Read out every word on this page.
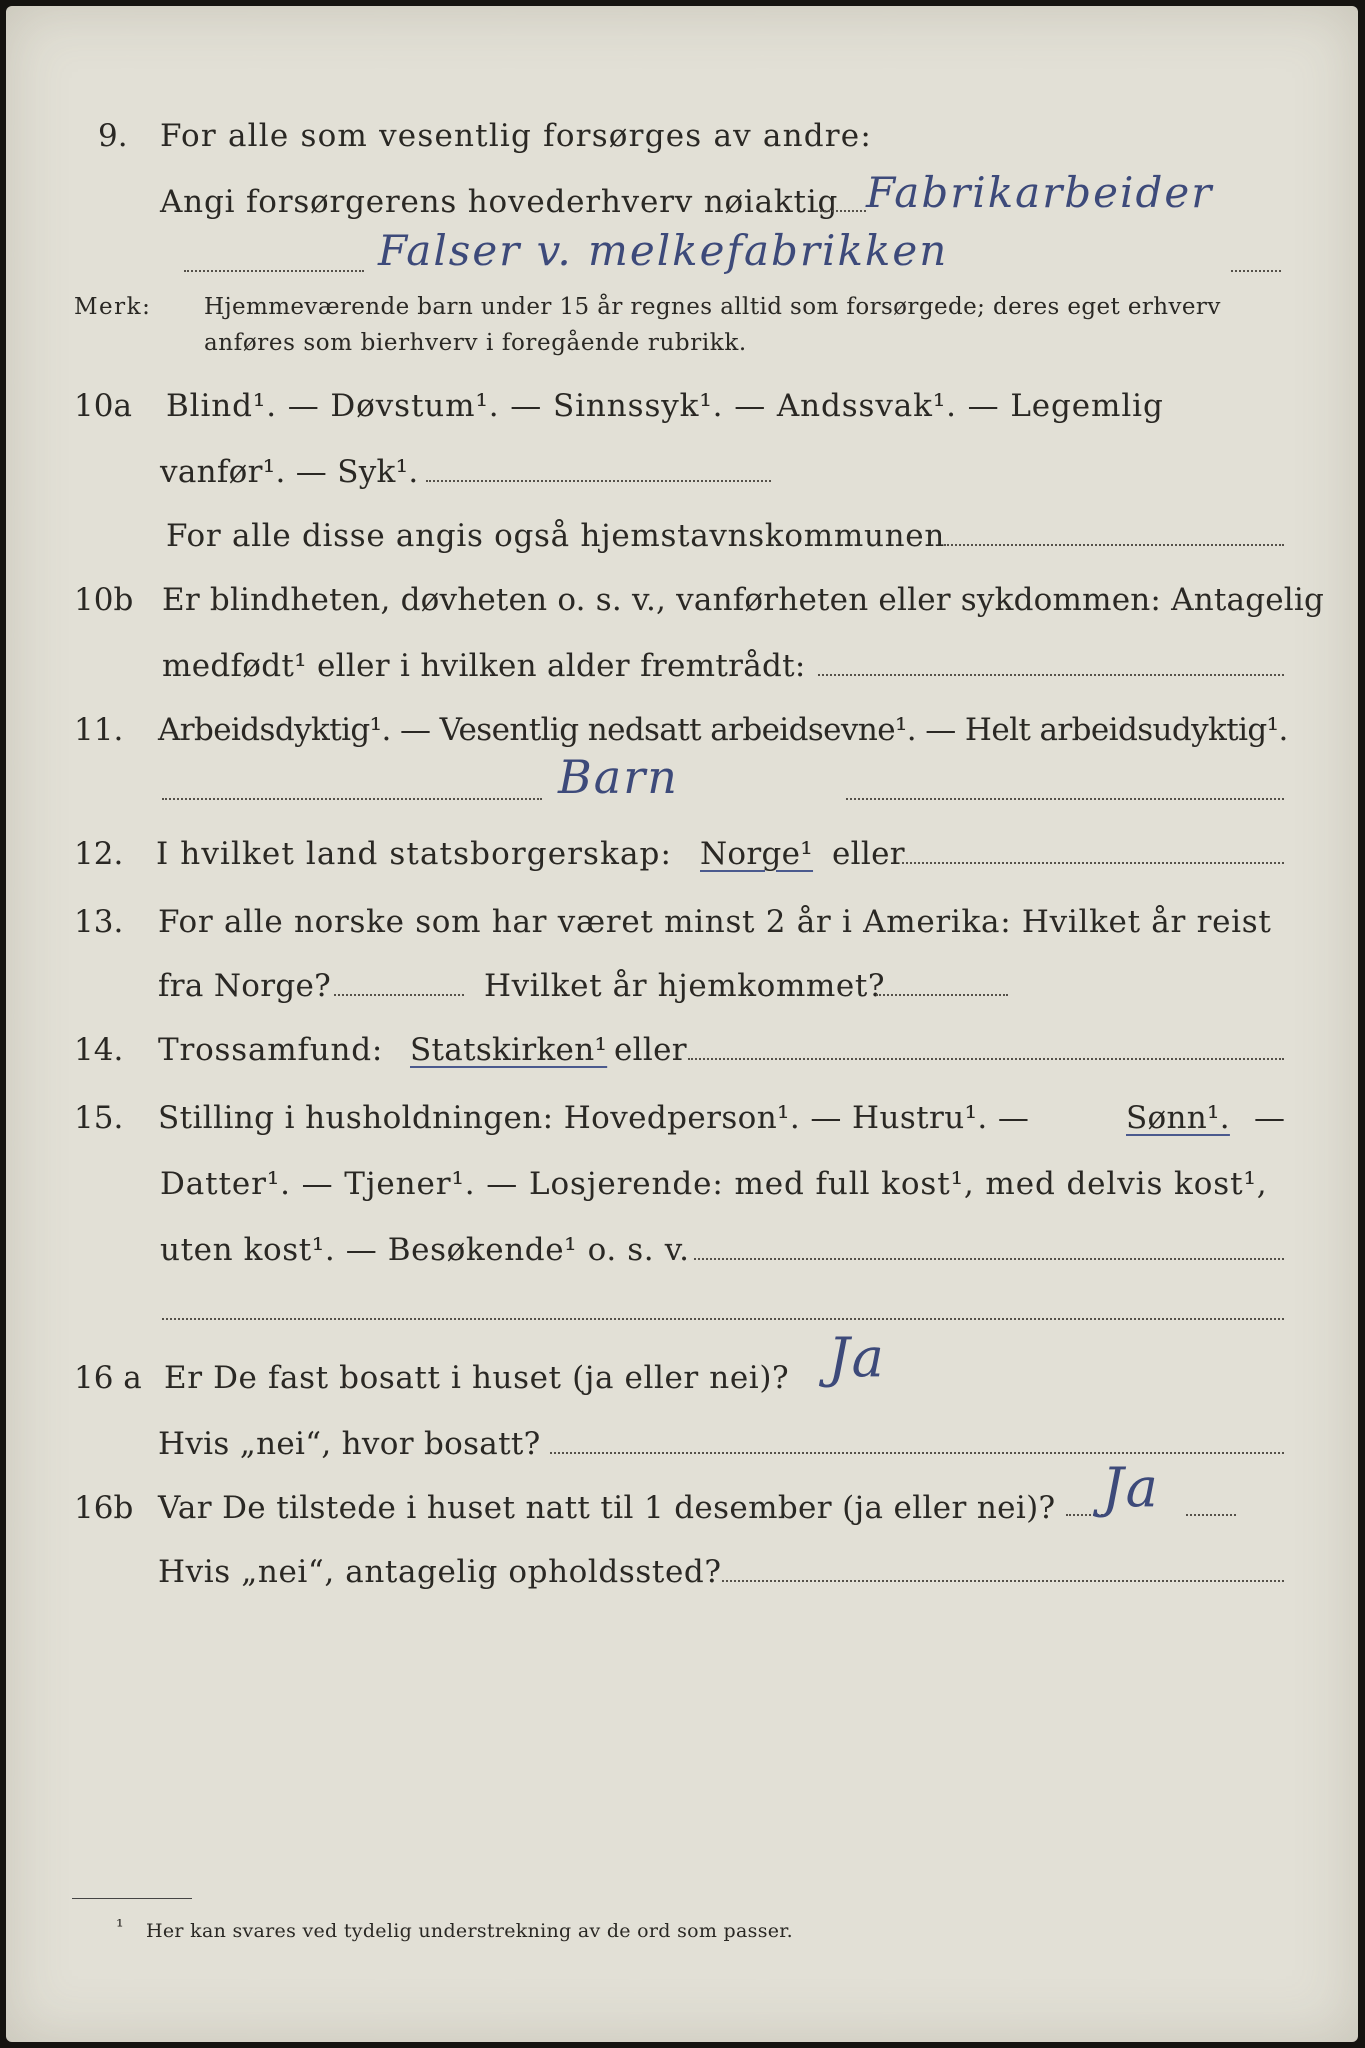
9. For alle som vesentlig forsørges av andre:
Angi forsørgerens hovederhverv nøiaktig Fabrikarbeider
Falser v. melkefabrikken
Merk: Hjemmeværende barn under 15 år regnes alltid som forsørgede; deres eget erhverv
anføres som bierhverv i foregående rubrikk.
10a Blind¹. — Døvstum¹. — Sinnssyk¹. — Andssvak¹. — Legemlig
vanfør¹. — Syk¹.
For alle disse angis også hjemstavnskommunen
10b Er blindheten, døvheten o. s. v., vanførheten eller sykdommen: Antagelig
medfødt¹ eller i hvilken alder fremtrådt:
11. Arbeidsdyktig¹. — Vesentlig nedsatt arbeidsevne¹. — Helt arbeidsudyktig¹.
Barn
12. I hvilket land statsborgerskap: Norge¹ eller
13. For alle norske som har været minst 2 år i Amerika: Hvilket år reist
fra Norge?	Hvilket år hjemkommet?
14. Trossamfund: Statskirken¹ eller
15. Stilling i husholdningen: Hovedperson¹. — Hustru¹. —	Sønn¹. —
Datter¹. — Tjener¹. — Losjerende: med full kost¹, med delvis kost¹,
uten kost¹. — Besøkende¹ o. s. v.
16 a Er De fast bosatt i huset (ja eller nei)? Ja
Hvis „nei“, hvor bosatt?
16b Var De tilstede i huset natt til 1 desember (ja eller nei)? Ja
Hvis „nei“, antagelig opholdssted?
¹ Her kan svares ved tydelig understrekning av de ord som passer.
